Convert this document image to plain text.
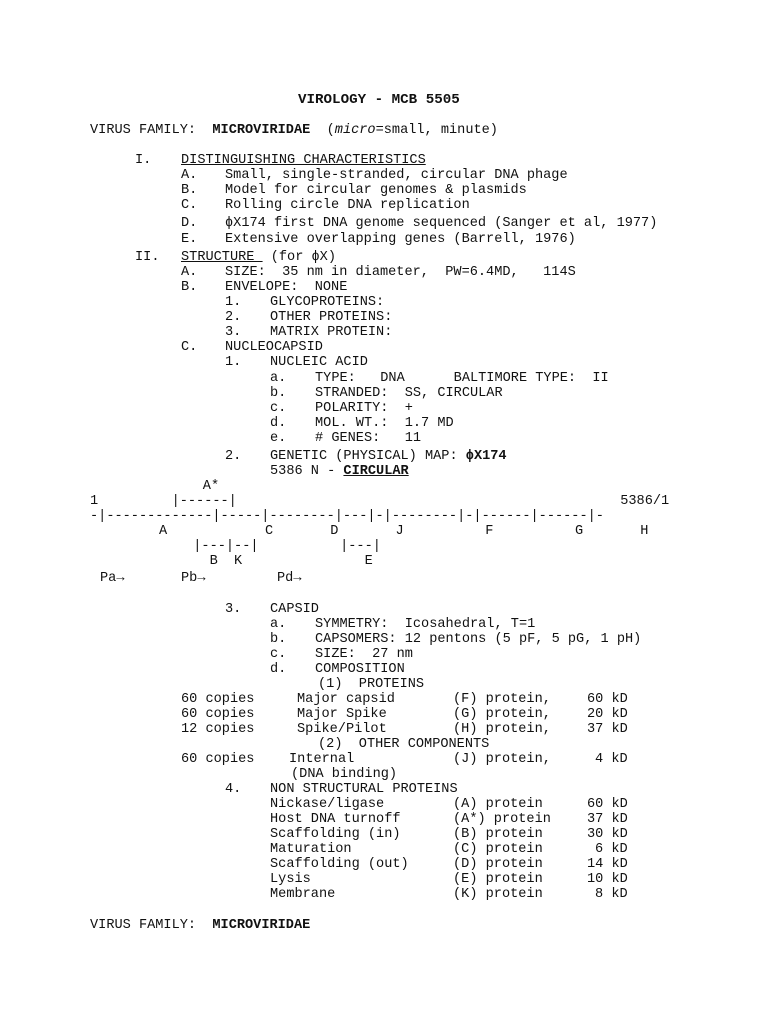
VIROLOGY - MCB 5505
VIRUS FAMILY: MICROVIRIDAE (micro=small, minute)
I. DISTINGUISHING CHARACTERISTICS
A. Small, single-stranded, circular DNA phage
B. Model for circular genomes & plasmids
C. Rolling circle DNA replication
D. ϕX174 first DNA genome sequenced (Sanger et al, 1977)
E. Extensive overlapping genes (Barrell, 1976)
II. STRUCTURE  (for ϕX)
A. SIZE:  35 nm in diameter,  PW=6.4MD,   114S
B. ENVELOPE:  NONE
1. GLYCOPROTEINS:
2. OTHER PROTEINS:
3. MATRIX PROTEIN:
C. NUCLEOCAPSID
1. NUCLEIC ACID
a. TYPE:   DNA      BALTIMORE TYPE:  II
b. STRANDED:  SS, CIRCULAR
c. POLARITY:  +
d. MOL. WT.:  1.7 MD
e. # GENES:   11
2. GENETIC (PHYSICAL) MAP: ϕX174
5386 N - CIRCULAR
A*
1         |------|                                               5386/1
-|-------------|-----|--------|---|-|--------|-|------|------|-
A            C       D       J          F          G       H
|---|--|          |---|
B  K               E
Pa→	Pb→	Pd→
3. CAPSID
a. SYMMETRY:  Icosahedral, T=1
b. CAPSOMERS: 12 pentons (5 pF, 5 pG, 1 pH)
c. SIZE:  27 nm
d. COMPOSITION
(1)  PROTEINS
60 copies	Major capsid	(F) protein,	60 kD
60 copies	Major Spike	(G) protein,	20 kD
12 copies	Spike/Pilot	(H) protein,	37 kD
(2)  OTHER COMPONENTS
60 copies	Internal	(J) protein,	4 kD
(DNA binding)
4. NON STRUCTURAL PROTEINS
Nickase/ligase	(A) protein	60 kD
Host DNA turnoff	(A*) protein	37 kD
Scaffolding (in)	(B) protein	30 kD
Maturation	(C) protein	6 kD
Scaffolding (out)	(D) protein	14 kD
Lysis	(E) protein	10 kD
Membrane	(K) protein	8 kD
VIRUS FAMILY: MICROVIRIDAE
